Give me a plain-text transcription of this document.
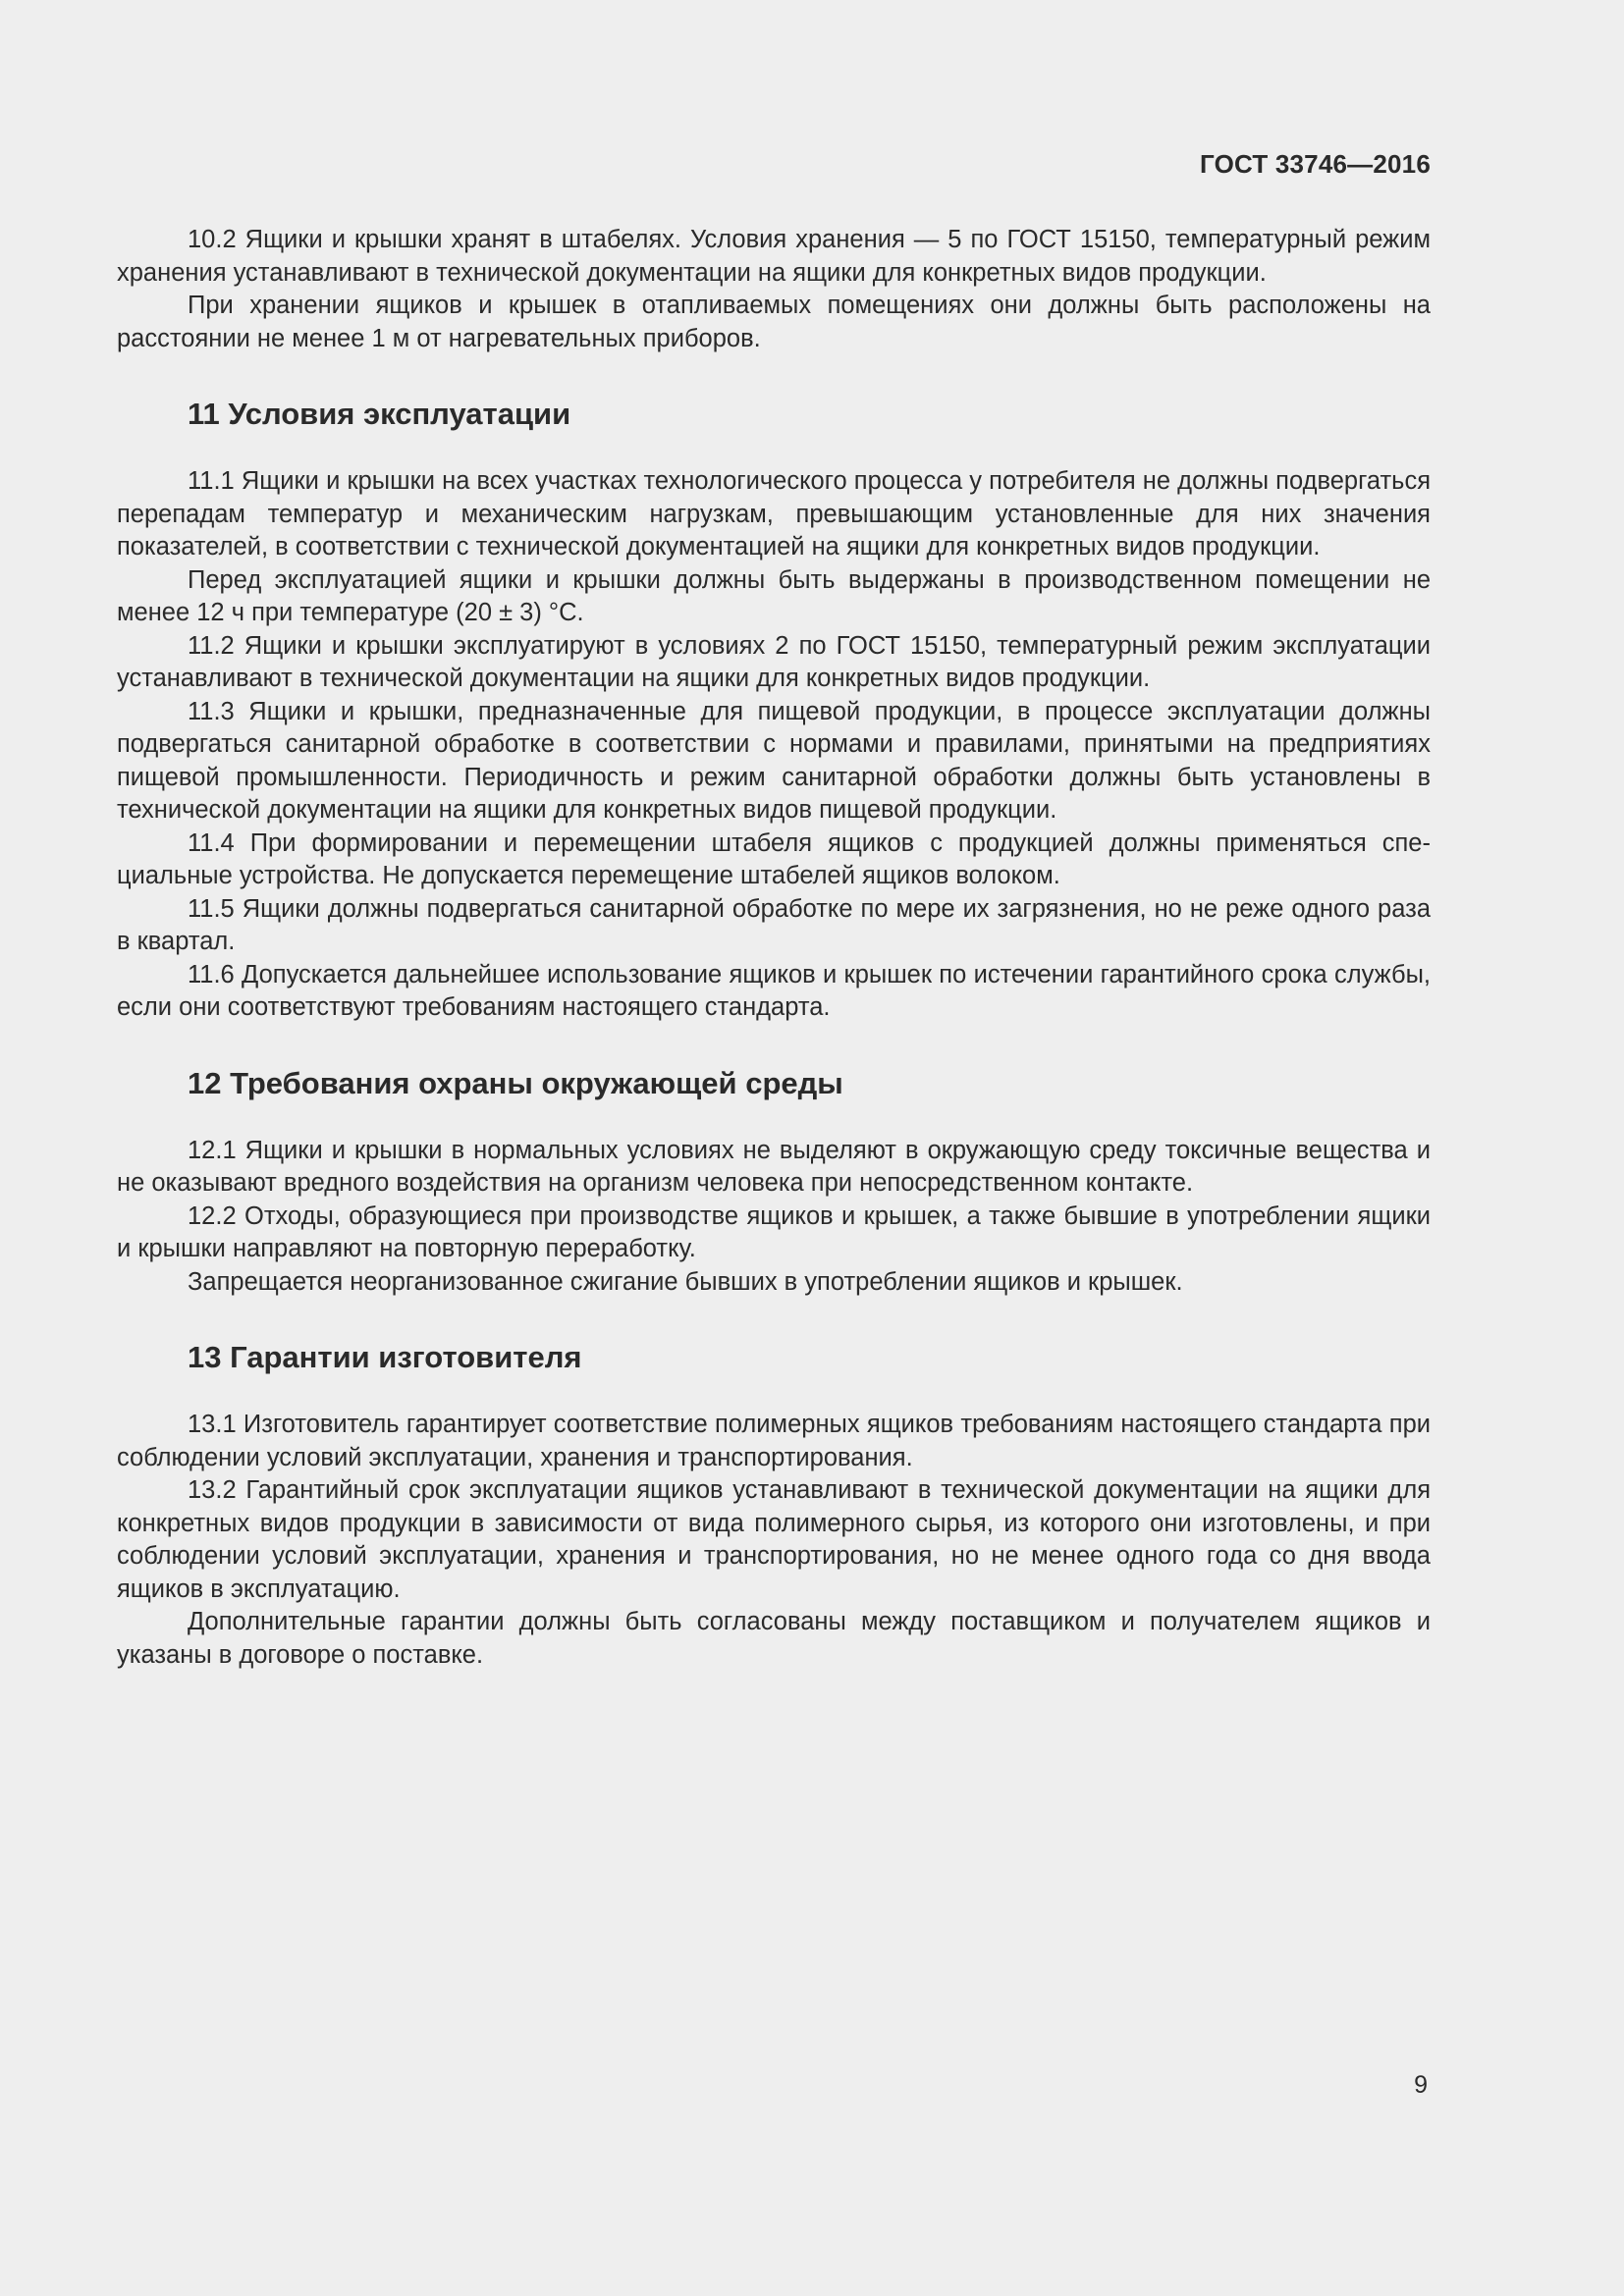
ГОСТ 33746—2016

10.2 Ящики и крышки хранят в штабелях. Условия хранения — 5 по ГОСТ 15150, температурный режим хранения устанавливают в технической документации на ящики для конкретных видов продукции.

При хранении ящиков и крышек в отапливаемых помещениях они должны быть расположены на расстоянии не менее 1 м от нагревательных приборов.

11 Условия эксплуатации

11.1 Ящики и крышки на всех участках технологического процесса у потребителя не должны подвергаться перепадам температур и механическим нагрузкам, превышающим установленные для них значения показателей, в соответствии с технической документацией на ящики для конкретных видов продукции.

Перед эксплуатацией ящики и крышки должны быть выдержаны в производственном помещении не менее 12 ч при температуре (20 ± 3) °С.

11.2 Ящики и крышки эксплуатируют в условиях 2 по ГОСТ 15150, температурный режим эксплуатации устанавливают в технической документации на ящики для конкретных видов продукции.

11.3 Ящики и крышки, предназначенные для пищевой продукции, в процессе эксплуатации должны подвергаться санитарной обработке в соответствии с нормами и правилами, принятыми на предприятиях пищевой промышленности. Периодичность и режим санитарной обработки должны быть установлены в технической документации на ящики для конкретных видов пищевой продукции.

11.4 При формировании и перемещении штабеля ящиков с продукцией должны применяться специальные устройства. Не допускается перемещение штабелей ящиков волоком.

11.5 Ящики должны подвергаться санитарной обработке по мере их загрязнения, но не реже одного раза в квартал.

11.6 Допускается дальнейшее использование ящиков и крышек по истечении гарантийного срока службы, если они соответствуют требованиям настоящего стандарта.

12 Требования охраны окружающей среды

12.1 Ящики и крышки в нормальных условиях не выделяют в окружающую среду токсичные вещества и не оказывают вредного воздействия на организм человека при непосредственном контакте.

12.2 Отходы, образующиеся при производстве ящиков и крышек, а также бывшие в употреблении ящики и крышки направляют на повторную переработку.

Запрещается неорганизованное сжигание бывших в употреблении ящиков и крышек.

13 Гарантии изготовителя

13.1 Изготовитель гарантирует соответствие полимерных ящиков требованиям настоящего стандарта при соблюдении условий эксплуатации, хранения и транспортирования.

13.2 Гарантийный срок эксплуатации ящиков устанавливают в технической документации на ящики для конкретных видов продукции в зависимости от вида полимерного сырья, из которого они изготовлены, и при соблюдении условий эксплуатации, хранения и транспортирования, но не менее одного года со дня ввода ящиков в эксплуатацию.

Дополнительные гарантии должны быть согласованы между поставщиком и получателем ящиков и указаны в договоре о поставке.

9
